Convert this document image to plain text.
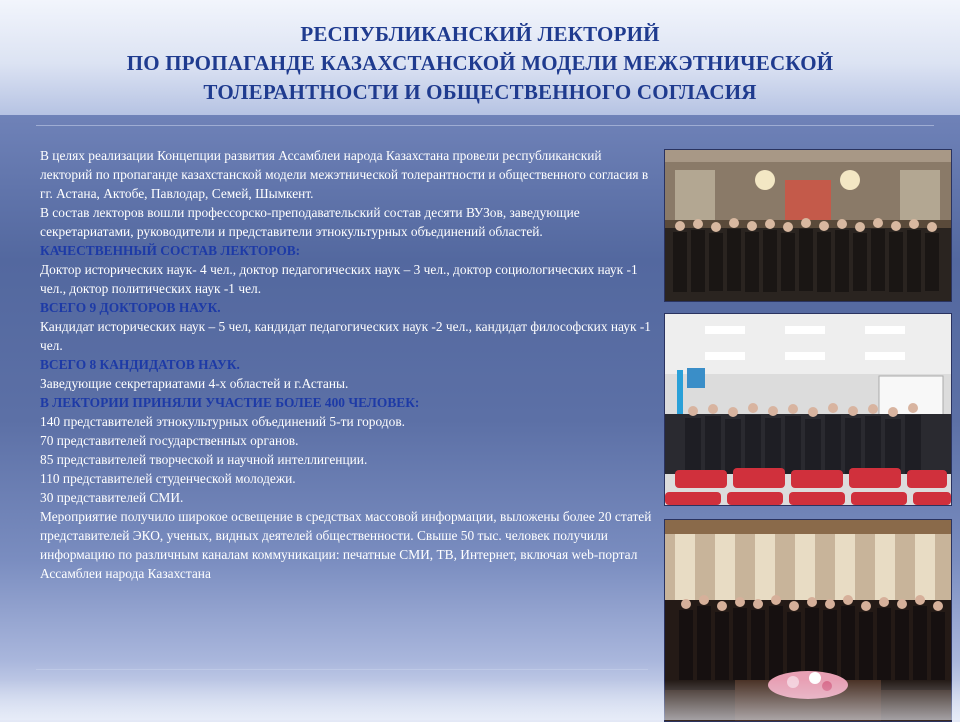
РЕСПУБЛИКАНСКИЙ ЛЕКТОРИЙ
ПО ПРОПАГАНДЕ КАЗАХСТАНСКОЙ МОДЕЛИ МЕЖЭТНИЧЕСКОЙ
ТОЛЕРАНТНОСТИ И ОБЩЕСТВЕННОГО СОГЛАСИЯ

В целях реализации Концепции развития Ассамблеи народа Казахстана провели республиканский лекторий по пропаганде казахстанской модели межэтнической толерантности и общественного согласия в гг. Астана, Актобе, Павлодар, Семей, Шымкент.

В состав лекторов вошли профессорско-преподавательский состав десяти ВУЗов, заведующие секретариатами, руководители и представители этнокультурных объединений областей.

КАЧЕСТВЕННЫЙ СОСТАВ ЛЕКТОРОВ:

Доктор исторических наук- 4 чел., доктор педагогических наук – 3 чел., доктор социологических наук -1 чел., доктор политических наук -1 чел.

ВСЕГО 9 ДОКТОРОВ НАУК.

Кандидат исторических наук – 5 чел, кандидат педагогических наук -2 чел., кандидат философских наук -1 чел.

ВСЕГО 8 КАНДИДАТОВ НАУК.

Заведующие секретариатами 4-х областей и г.Астаны.

В ЛЕКТОРИИ ПРИНЯЛИ УЧАСТИЕ БОЛЕЕ 400 ЧЕЛОВЕК:

140 представителей этнокультурных объединений 5-ти городов.

70 представителей государственных органов.

85 представителей творческой и научной интеллигенции.

110 представителей студенческой молодежи.

30 представителей СМИ.

Мероприятие получило широкое освещение в средствах массовой информации, выложены более 20 статей представителей ЭКО, ученых, видных деятелей общественности. Свыше 50 тыс. человек получили информацию по различным каналам коммуникации: печатные СМИ, ТВ, Интернет, включая web-портал Ассамблеи народа Казахстана
